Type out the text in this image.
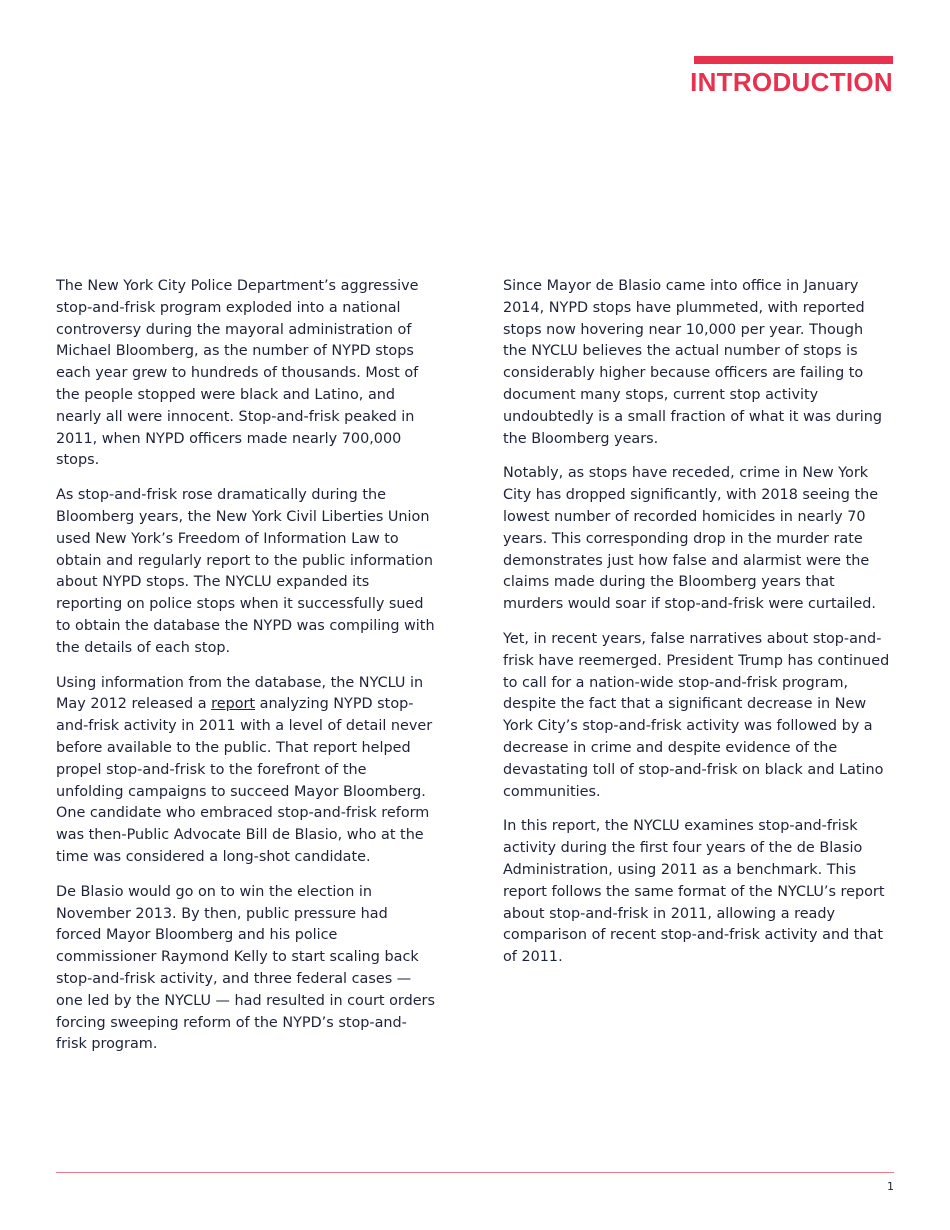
INTRODUCTION

The New York City Police Department’s aggressive stop-and-frisk program exploded into a national controversy during the mayoral administration of Michael Bloomberg, as the number of NYPD stops each year grew to hundreds of thousands. Most of the people stopped were black and Latino, and nearly all were innocent. Stop-and-frisk peaked in 2011, when NYPD officers made nearly 700,000 stops.

As stop-and-frisk rose dramatically during the Bloomberg years, the New York Civil Liberties Union used New York’s Freedom of Information Law to obtain and regularly report to the public information about NYPD stops. The NYCLU expanded its reporting on police stops when it successfully sued to obtain the database the NYPD was compiling with the details of each stop.

Using information from the database, the NYCLU in May 2012 released a report analyzing NYPD stop-and-frisk activity in 2011 with a level of detail never before available to the public. That report helped propel stop-and-frisk to the forefront of the unfolding campaigns to succeed Mayor Bloomberg. One candidate who embraced stop-and-frisk reform was then-Public Advocate Bill de Blasio, who at the time was considered a long-shot candidate.

De Blasio would go on to win the election in November 2013. By then, public pressure had forced Mayor Bloomberg and his police commissioner Raymond Kelly to start scaling back stop-and-frisk activity, and three federal cases — one led by the NYCLU — had resulted in court orders forcing sweeping reform of the NYPD’s stop-and-frisk program.

Since Mayor de Blasio came into office in January 2014, NYPD stops have plummeted, with reported stops now hovering near 10,000 per year. Though the NYCLU believes the actual number of stops is considerably higher because officers are failing to document many stops, current stop activity undoubtedly is a small fraction of what it was during the Bloomberg years.

Notably, as stops have receded, crime in New York City has dropped significantly, with 2018 seeing the lowest number of recorded homicides in nearly 70 years. This corresponding drop in the murder rate demonstrates just how false and alarmist were the claims made during the Bloomberg years that murders would soar if stop-and-frisk were curtailed.

Yet, in recent years, false narratives about stop-and-frisk have reemerged. President Trump has continued to call for a nation-wide stop-and-frisk program, despite the fact that a significant decrease in New York City’s stop-and-frisk activity was followed by a decrease in crime and despite evidence of the devastating toll of stop-and-frisk on black and Latino communities.

In this report, the NYCLU examines stop-and-frisk activity during the first four years of the de Blasio Administration, using 2011 as a benchmark. This report follows the same format of the NYCLU’s report about stop-and-frisk in 2011, allowing a ready comparison of recent stop-and-frisk activity and that of 2011.

1
